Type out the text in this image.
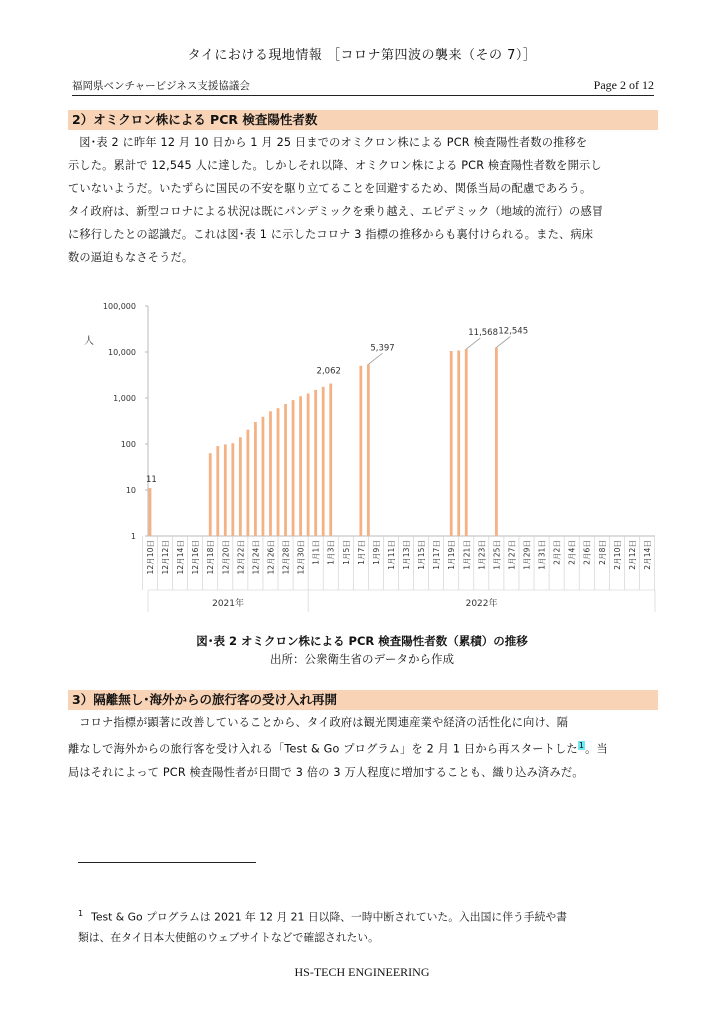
タイにおける現地情報 ［コロナ第四波の襲来（その 7）］
福岡県ベンチャービジネス支援協議会	Page 2 of 12
2）オミクロン株による PCR 検査陽性者数
図･表 2 に昨年 12 月 10 日から 1 月 25 日までのオミクロン株による PCR 検査陽性者数の推移を
示した。累計で 12,545 人に達した。しかしそれ以降、オミクロン株による PCR 検査陽性者数を開示し
ていないようだ。いたずらに国民の不安を駆り立てることを回避するため、関係当局の配慮であろう。
タイ政府は、新型コロナによる状況は既にパンデミックを乗り越え、エピデミック（地域的流行）の感冒
に移行したとの認識だ。これは図･表 1 に示したコロナ 3 指標の推移からも裏付けられる。また、病床
数の逼迫もなさそうだ。
1
10
100
1,000
10,000
100,000
人
11
2,062
5,397
11,568 12,545
12月10日 12月12日 12月14日 12月16日 12月18日 12月20日 12月22日 12月24日 12月26日 12月28日 12月30日 1月1日 1月3日 1月5日 1月7日 1月9日 1月11日 1月13日 1月15日 1月17日 1月19日 1月21日 1月23日 1月25日 1月27日 1月29日 1月31日 2月2日 2月4日 2月6日 2月8日 2月10日 2月12日 2月14日
2021年	2022年
図･表 2 オミクロン株による PCR 検査陽性者数（累積）の推移
出所：公衆衛生省のデータから作成
3）隔離無し･海外からの旅行客の受け入れ再開
コロナ指標が顕著に改善していることから、タイ政府は観光関連産業や経済の活性化に向け、隔
離なしで海外からの旅行客を受け入れる「Test & Go プログラム」を 2 月 1 日から再スタートした$^1$。当
局はそれによって PCR 検査陽性者が日間で 3 倍の 3 万人程度に増加することも、織り込み済みだ。
$^1$ Test & Go プログラムは 2021 年 12 月 21 日以降、一時中断されていた。入出国に伴う手続や書
類は、在タイ日本大使館のウェブサイトなどで確認されたい。
HS-TECH ENGINEERING
